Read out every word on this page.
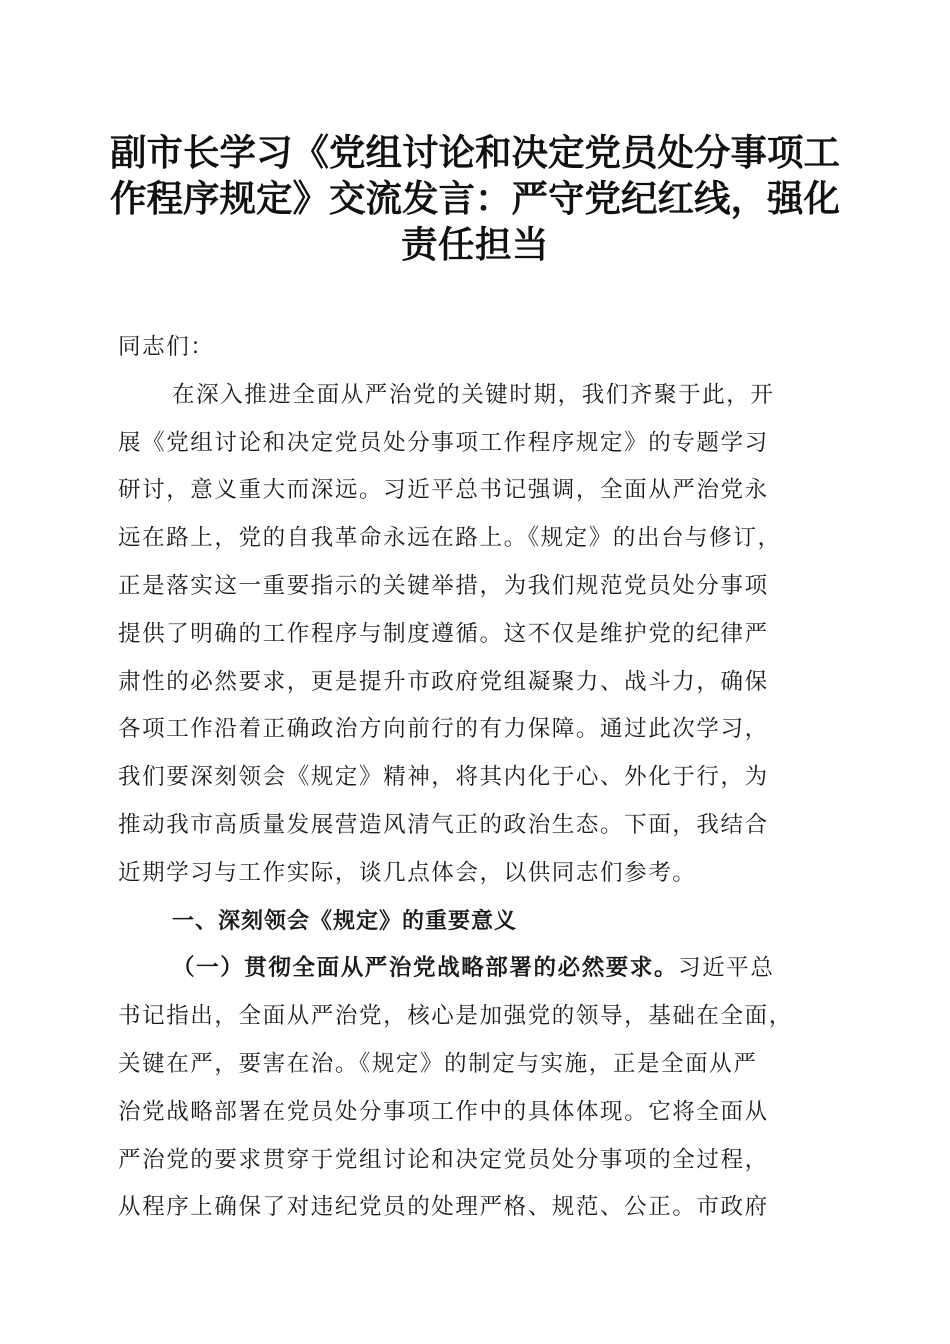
副市长学习《党组讨论和决定党员处分事项工
作程序规定》交流发言：严守党纪红线，强化
责任担当
同志们：
在深入推进全面从严治党的关键时期，我们齐聚于此，开
展《党组讨论和决定党员处分事项工作程序规定》的专题学习
研讨，意义重大而深远。习近平总书记强调，全面从严治党永
远在路上，党的自我革命永远在路上。《规定》的出台与修订，
正是落实这一重要指示的关键举措，为我们规范党员处分事项
提供了明确的工作程序与制度遵循。这不仅是维护党的纪律严
肃性的必然要求，更是提升市政府党组凝聚力、战斗力，确保
各项工作沿着正确政治方向前行的有力保障。通过此次学习，
我们要深刻领会《规定》精神，将其内化于心、外化于行，为
推动我市高质量发展营造风清气正的政治生态。下面，我结合
近期学习与工作实际，谈几点体会，以供同志们参考。
一、深刻领会《规定》的重要意义
（一）贯彻全面从严治党战略部署的必然要求。习近平总
书记指出，全面从严治党，核心是加强党的领导，基础在全面，
关键在严，要害在治。《规定》的制定与实施，正是全面从严
治党战略部署在党员处分事项工作中的具体体现。它将全面从
严治党的要求贯穿于党组讨论和决定党员处分事项的全过程，
从程序上确保了对违纪党员的处理严格、规范、公正。市政府
